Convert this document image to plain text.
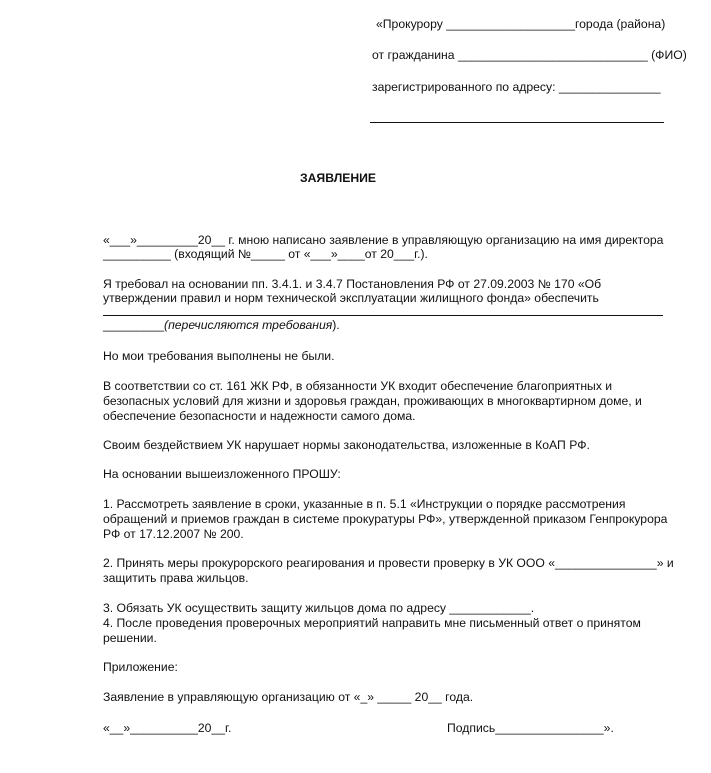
«Прокурору ___________________города (района)
от гражданина ____________________________ (ФИО)
зарегистрированного по адресу: _______________
ЗАЯВЛЕНИЕ
«___»_________20__ г. мною написано заявление в управляющую организацию на имя директора
__________ (входящий №_____ от «___»____от 20___г.).
Я требовал на основании пп. 3.4.1. и 3.4.7 Постановления РФ от 27.09.2003 № 170 «Об
утверждении правил и норм технической эксплуатации жилищного фонда» обеспечить
_________(перечисляются требования).
Но мои требования выполнены не были.
В соответствии со ст. 161 ЖК РФ, в обязанности УК входит обеспечение благоприятных и
безопасных условий для жизни и здоровья граждан, проживающих в многоквартирном доме, и
обеспечение безопасности и надежности самого дома.
Своим бездействием УК нарушает нормы законодательства, изложенные в КоАП РФ.
На основании вышеизложенного ПРОШУ:
1. Рассмотреть заявление в сроки, указанные в п. 5.1 «Инструкции о порядке рассмотрения
обращений и приемов граждан в системе прокуратуры РФ», утвержденной приказом Генпрокурора
РФ от 17.12.2007 № 200.
2. Принять меры прокурорского реагирования и провести проверку в УК ООО «_______________» и
защитить права жильцов.
3. Обязать УК осуществить защиту жильцов дома по адресу ____________.
4. После проведения проверочных мероприятий направить мне письменный ответ о принятом
решении.
Приложение:
Заявление в управляющую организацию от «_» _____ 20__ года.
«__»__________20__г.	Подпись________________».
